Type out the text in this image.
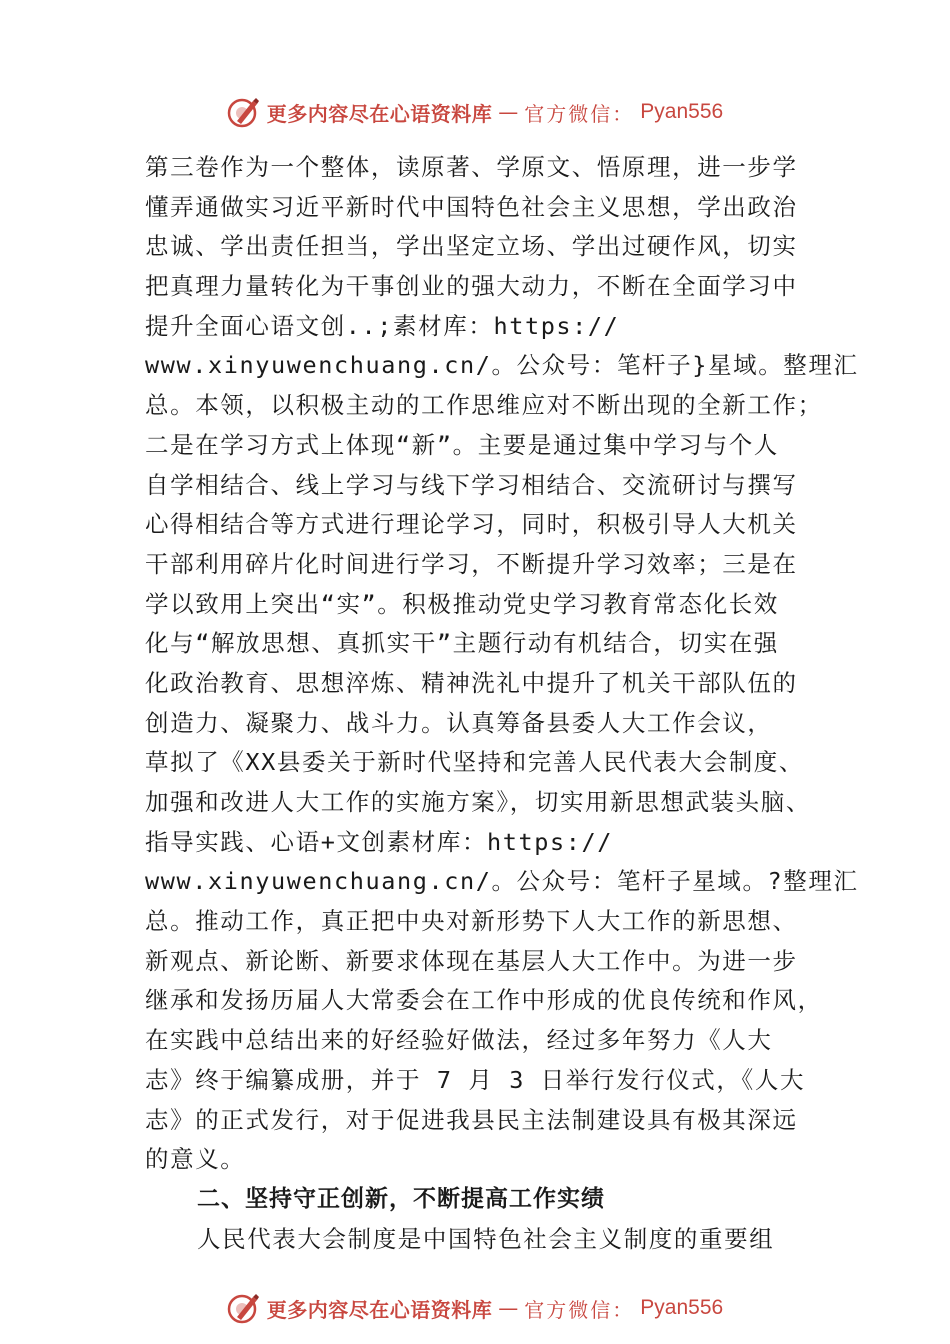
更多内容尽在心语资料库 — 官方微信： Pyan556
第三卷作为一个整体，读原著、学原文、悟原理，进一步学
懂弄通做实习近平新时代中国特色社会主义思想，学出政治
忠诚、学出责任担当，学出坚定立场、学出过硬作风，切实
把真理力量转化为干事创业的强大动力，不断在全面学习中
提升全面心语文创..;素材库：https://
www.xinyuwenchuang.cn/。公众号：笔杆子}星域。整理汇
总。本领，以积极主动的工作思维应对不断出现的全新工作；
二是在学习方式上体现“新”。主要是通过集中学习与个人
自学相结合、线上学习与线下学习相结合、交流研讨与撰写
心得相结合等方式进行理论学习，同时，积极引导人大机关
干部利用碎片化时间进行学习，不断提升学习效率；三是在
学以致用上突出“实”。积极推动党史学习教育常态化长效
化与“解放思想、真抓实干”主题行动有机结合，切实在强
化政治教育、思想淬炼、精神洗礼中提升了机关干部队伍的
创造力、凝聚力、战斗力。认真筹备县委人大工作会议，
草拟了《XX县委关于新时代坚持和完善人民代表大会制度、
加强和改进人大工作的实施方案》，切实用新思想武装头脑、
指导实践、心语+文创素材库：https://
www.xinyuwenchuang.cn/。公众号：笔杆子星域。?整理汇
总。推动工作，真正把中央对新形势下人大工作的新思想、
新观点、新论断、新要求体现在基层人大工作中。为进一步
继承和发扬历届人大常委会在工作中形成的优良传统和作风，
在实践中总结出来的好经验好做法，经过多年努力《人大
志》终于编纂成册，并于 7 月 3 日举行发行仪式，《人大
志》的正式发行，对于促进我县民主法制建设具有极其深远
的意义。
二、坚持守正创新，不断提高工作实绩
人民代表大会制度是中国特色社会主义制度的重要组
更多内容尽在心语资料库 — 官方微信： Pyan556
